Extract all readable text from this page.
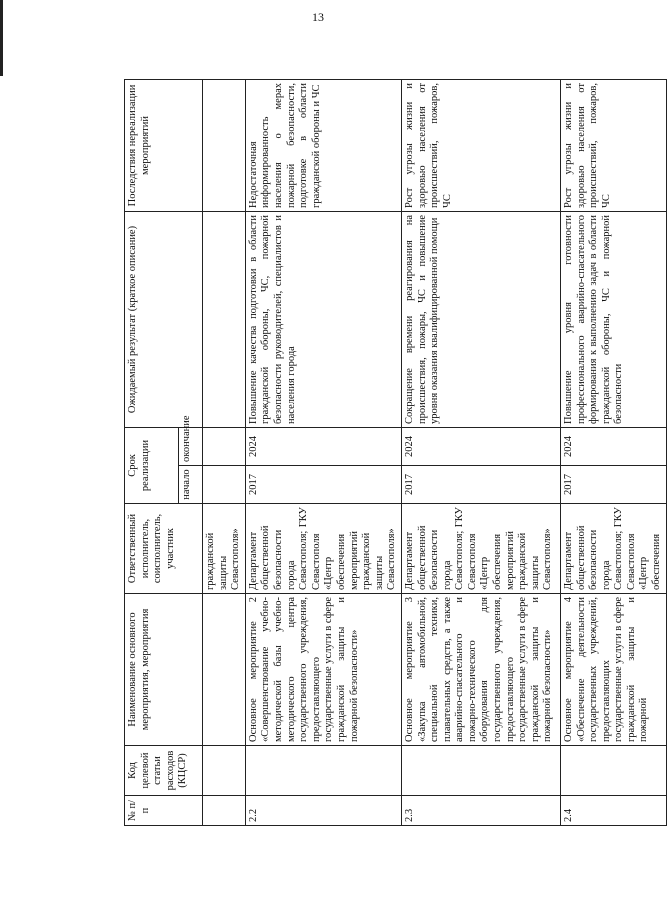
13
№ п/п	Код целевой статьи расходов (КЦСР)	Наименование основного мероприятия, мероприятия	Ответственный исполнитель, соисполнитель, участник	Срок реализации		Ожидаемый результат (краткое описание)	Последствия нереализации мероприятий
				начало	окончание		
			гражданской защиты Севастополя»				
2.2		Основное мероприятие 2 «Совершенствование учебно-методической базы учебно-методического центра государственного учреждения, предоставляющего государственные услуги в сфере гражданской защиты и пожарной безопасности»	Департамент общественной безопасности города Севастополя; ГКУ Севастополя «Центр обеспечения мероприятий гражданской защиты Севастополя»	2017	2024	Повышение качества подготовки в области гражданской обороны, ЧС, пожарной безопасности руководителей, специалистов и населения города	Недостаточная информированность населения о мерах пожарной безопасности, подготовке в области гражданской обороны и ЧС
2.3		Основное мероприятие 3 «Закупка автомобильной, специальной техники, плавательных средств, а также аварийно-спасательного и пожарно-технического оборудования для государственного учреждения, предоставляющего государственные услуги в сфере гражданской защиты и пожарной безопасности»	Департамент общественной безопасности города Севастополя; ГКУ Севастополя «Центр обеспечения мероприятий гражданской защиты Севастополя»	2017	2024	Сокращение времени реагирования на происшествия, пожары, ЧС и повышение уровня оказания квалифицированной помощи	Рост угрозы жизни и здоровью населения от происшествий, пожаров, ЧС
2.4		Основное мероприятие 4 «Обеспечение деятельности государственных учреждений, предоставляющих государственные услуги в сфере гражданской защиты и пожарной	Департамент общественной безопасности города Севастополя; ГКУ Севастополя «Центр обеспечения	2017	2024	Повышение уровня готовности профессионального аварийно-спасательного формирования к выполнению задач в области гражданской обороны, ЧС и пожарной безопасности	Рост угрозы жизни и здоровью населения от происшествий, пожаров, ЧС
